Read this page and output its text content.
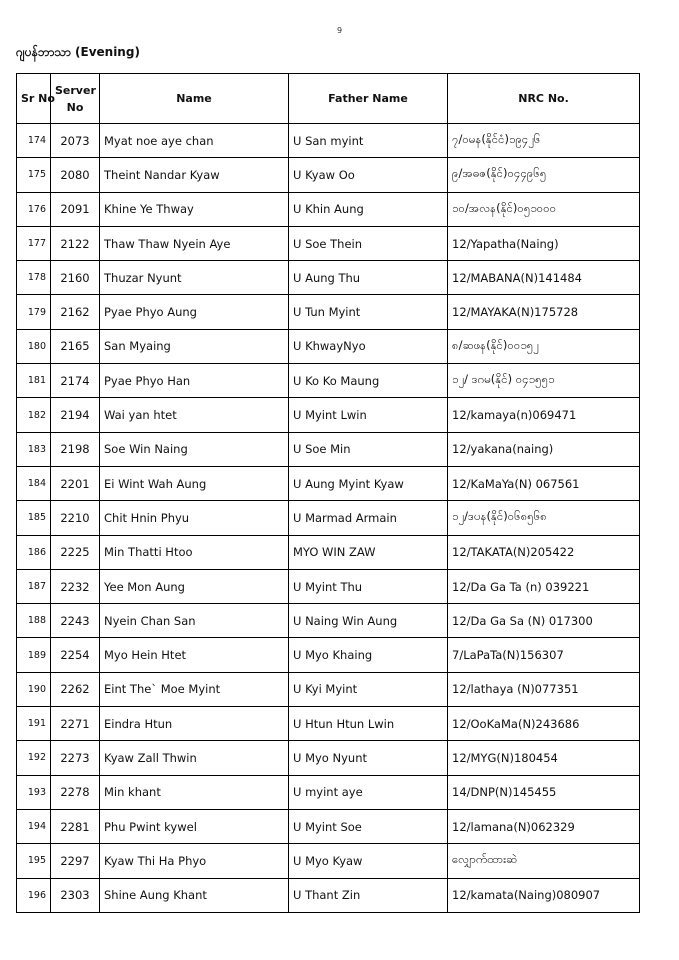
9
ဂျပန်ဘာသာ (Evening)
Sr No	Server No	Name	Father Name	NRC No.
174	2073	Myat noe aye chan	U San myint	၇/ဝမန(နိုင်ငံ)၁၉၄၂၆
175	2080	Theint Nandar Kyaw	U Kyaw Oo	၉/အဓဇ(နိုင်)၀၄၄၉၆၅
176	2091	Khine Ye Thway	U Khin Aung	၁၀/အလန(နိုင်)၀၅၁၀၀၀
177	2122	Thaw Thaw Nyein Aye	U Soe Thein	12/Yapatha(Naing)
178	2160	Thuzar Nyunt	U Aung Thu	12/MABANA(N)141484
179	2162	Pyae Phyo Aung	U Tun Myint	12/MAYAKA(N)175728
180	2165	San Myaing	U KhwayNyo	၈/ဆဖန(နိုင်)၀၀၁၅၂
181	2174	Pyae Phyo Han	U Ko Ko Maung	၁၂/ ဒဂမ(နိုင်) ၀၄၁၅၅၁
182	2194	Wai yan htet	U Myint Lwin	12/kamaya(n)069471
183	2198	Soe Win Naing	U Soe Min	12/yakana(naing)
184	2201	Ei Wint Wah Aung	U Aung Myint Kyaw	12/KaMaYa(N) 067561
185	2210	Chit Hnin Phyu	U Marmad Armain	၁၂/ဒပန(နိုင်)၀၆၈၅၆၈
186	2225	Min Thatti Htoo	MYO WIN ZAW	12/TAKATA(N)205422
187	2232	Yee Mon Aung	U Myint Thu	12/Da Ga Ta (n) 039221
188	2243	Nyein Chan San	U Naing Win Aung	12/Da Ga Sa (N) 017300
189	2254	Myo Hein Htet	U Myo Khaing	7/LaPaTa(N)156307
190	2262	Eint The` Moe Myint	U Kyi Myint	12/lathaya (N)077351
191	2271	Eindra Htun	U Htun Htun Lwin	12/OoKaMa(N)243686
192	2273	Kyaw Zall Thwin	U Myo Nyunt	12/MYG(N)180454
193	2278	Min khant	U myint aye	14/DNP(N)145455
194	2281	Phu Pwint kywel	U Myint Soe	12/lamana(N)062329
195	2297	Kyaw Thi Ha Phyo	U Myo Kyaw	လျှောက်ထားဆဲ
196	2303	Shine Aung Khant	U Thant Zin	12/kamata(Naing)080907
